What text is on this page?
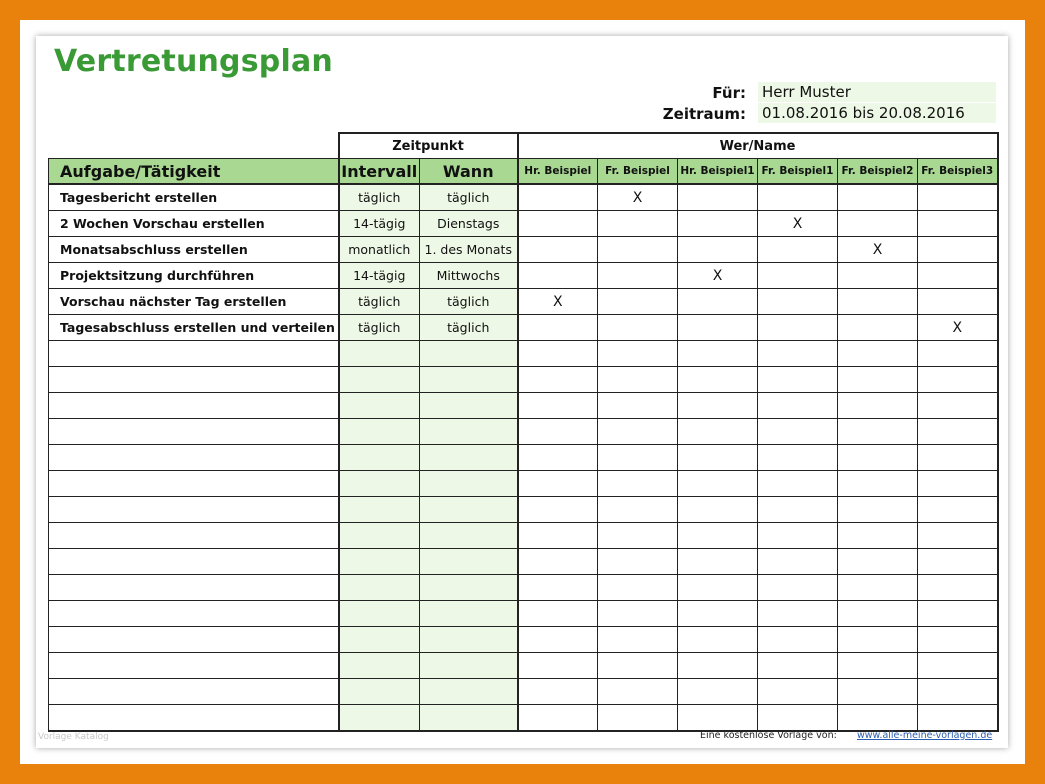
Vertretungsplan
Für: Herr Muster
Zeitraum: 01.08.2016 bis 20.08.2016
	Zeitpunkt		Wer/Name					
Aufgabe/Tätigkeit	Intervall	Wann	Hr. Beispiel	Fr. Beispiel	Hr. Beispiel1	Fr. Beispiel1	Fr. Beispiel2	Fr. Beispiel3
Tagesbericht erstellen	täglich	täglich		X				
2 Wochen Vorschau erstellen	14-tägig	Dienstags				X		
Monatsabschluss erstellen	monatlich	1. des Monats					X	
Projektsitzung durchführen	14-tägig	Mittwochs			X			
Vorschau nächster Tag erstellen	täglich	täglich	X					
Tagesabschluss erstellen und verteilen	täglich	täglich						X

Vorlage Katalog	Eine kostenlose Vorlage von: www.alle-meine-vorlagen.de
